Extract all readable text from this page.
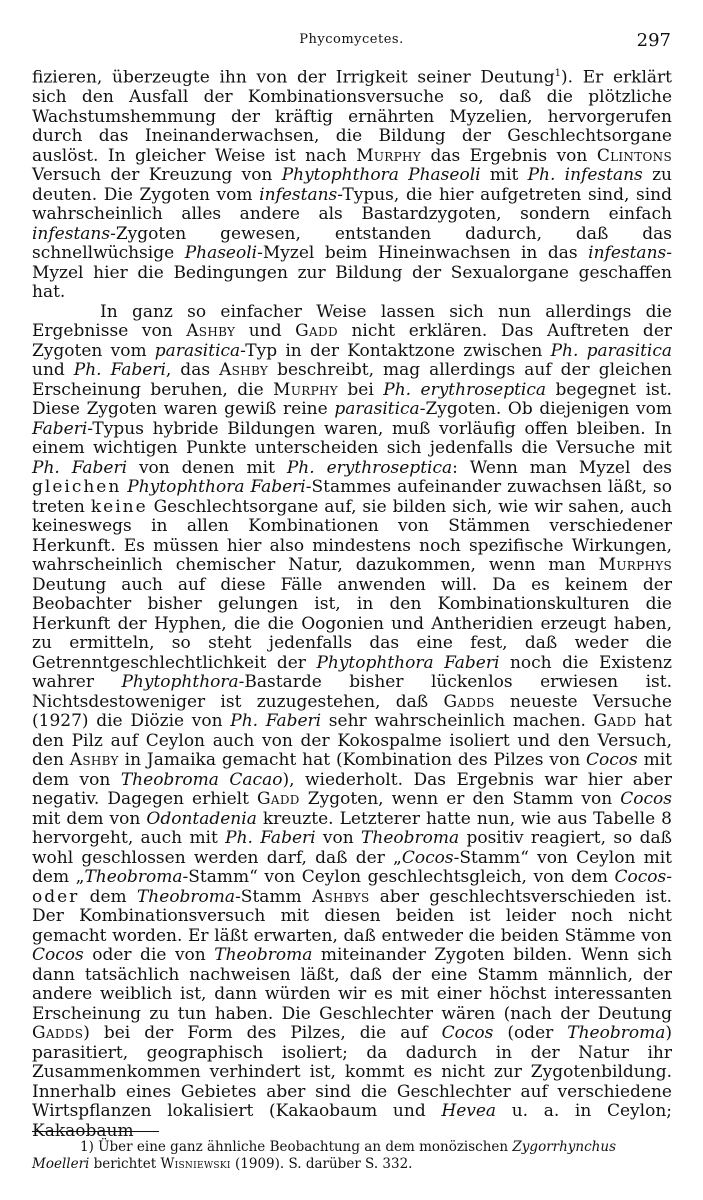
Phycomycetes.	297

fizieren, überzeugte ihn von der Irrigkeit seiner Deutung$^1$). Er erklärt sich den Ausfall der Kombinationsversuche so, daß die plötzliche Wachstumshemmung der kräftig ernährten Myzelien, hervorgerufen durch das Ineinanderwachsen, die Bildung der Geschlechtsorgane auslöst. In gleicher Weise ist nach Murphy das Ergebnis von Clintons Versuch der Kreuzung von Phytophthora Phaseoli mit Ph. infestans zu deuten. Die Zygoten vom infestans-Typus, die hier aufgetreten sind, sind wahrscheinlich alles andere als Bastardzygoten, sondern einfach infestans-Zygoten gewesen, entstanden dadurch, daß das schnellwüchsige Phaseoli-Myzel beim Hineinwachsen in das infestans-Myzel hier die Bedingungen zur Bildung der Sexualorgane geschaffen hat.

In ganz so einfacher Weise lassen sich nun allerdings die Ergebnisse von Ashby und Gadd nicht erklären. Das Auftreten der Zygoten vom parasitica-Typ in der Kontaktzone zwischen Ph. parasitica und Ph. Faberi, das Ashby beschreibt, mag allerdings auf der gleichen Erscheinung beruhen, die Murphy bei Ph. erythroseptica begegnet ist. Diese Zygoten waren gewiß reine parasitica-Zygoten. Ob diejenigen vom Faberi-Typus hybride Bildungen waren, muß vorläufig offen bleiben. In einem wichtigen Punkte unterscheiden sich jedenfalls die Versuche mit Ph. Faberi von denen mit Ph. erythroseptica: Wenn man Myzel des gleichen Phytophthora Faberi-Stammes aufeinander zuwachsen läßt, so treten keine Geschlechtsorgane auf, sie bilden sich, wie wir sahen, auch keineswegs in allen Kombinationen von Stämmen verschiedener Herkunft. Es müssen hier also mindestens noch spezifische Wirkungen, wahrscheinlich chemischer Natur, dazukommen, wenn man Murphys Deutung auch auf diese Fälle anwenden will. Da es keinem der Beobachter bisher gelungen ist, in den Kombinationskulturen die Herkunft der Hyphen, die die Oogonien und Antheridien erzeugt haben, zu ermitteln, so steht jedenfalls das eine fest, daß weder die Getrenntgeschlechtlichkeit der Phytophthora Faberi noch die Existenz wahrer Phytophthora-Bastarde bisher lückenlos erwiesen ist. Nichtsdestoweniger ist zuzugestehen, daß Gadds neueste Versuche (1927) die Diözie von Ph. Faberi sehr wahrscheinlich machen. Gadd hat den Pilz auf Ceylon auch von der Kokospalme isoliert und den Versuch, den Ashby in Jamaika gemacht hat (Kombination des Pilzes von Cocos mit dem von Theobroma Cacao), wiederholt. Das Ergebnis war hier aber negativ. Dagegen erhielt Gadd Zygoten, wenn er den Stamm von Cocos mit dem von Odontadenia kreuzte. Letzterer hatte nun, wie aus Tabelle 8 hervorgeht, auch mit Ph. Faberi von Theobroma positiv reagiert, so daß wohl geschlossen werden darf, daß der „Cocos-Stamm“ von Ceylon mit dem „Theobroma-Stamm“ von Ceylon geschlechtsgleich, von dem Cocos- oder dem Theobroma-Stamm Ashbys aber geschlechtsverschieden ist. Der Kombinationsversuch mit diesen beiden ist leider noch nicht gemacht worden. Er läßt erwarten, daß entweder die beiden Stämme von Cocos oder die von Theobroma miteinander Zygoten bilden. Wenn sich dann tatsächlich nachweisen läßt, daß der eine Stamm männlich, der andere weiblich ist, dann würden wir es mit einer höchst interessanten Erscheinung zu tun haben. Die Geschlechter wären (nach der Deutung Gadds) bei der Form des Pilzes, die auf Cocos (oder Theobroma) parasitiert, geographisch isoliert; da dadurch in der Natur ihr Zusammenkommen verhindert ist, kommt es nicht zur Zygotenbildung. Innerhalb eines Gebietes aber sind die Geschlechter auf verschiedene Wirtspflanzen lokalisiert (Kakaobaum und Hevea u. a. in Ceylon; Kakaobaum

1) Über eine ganz ähnliche Beobachtung an dem monözischen Zygorrhynchus Moelleri berichtet Wisniewski (1909). S. darüber S. 332.
